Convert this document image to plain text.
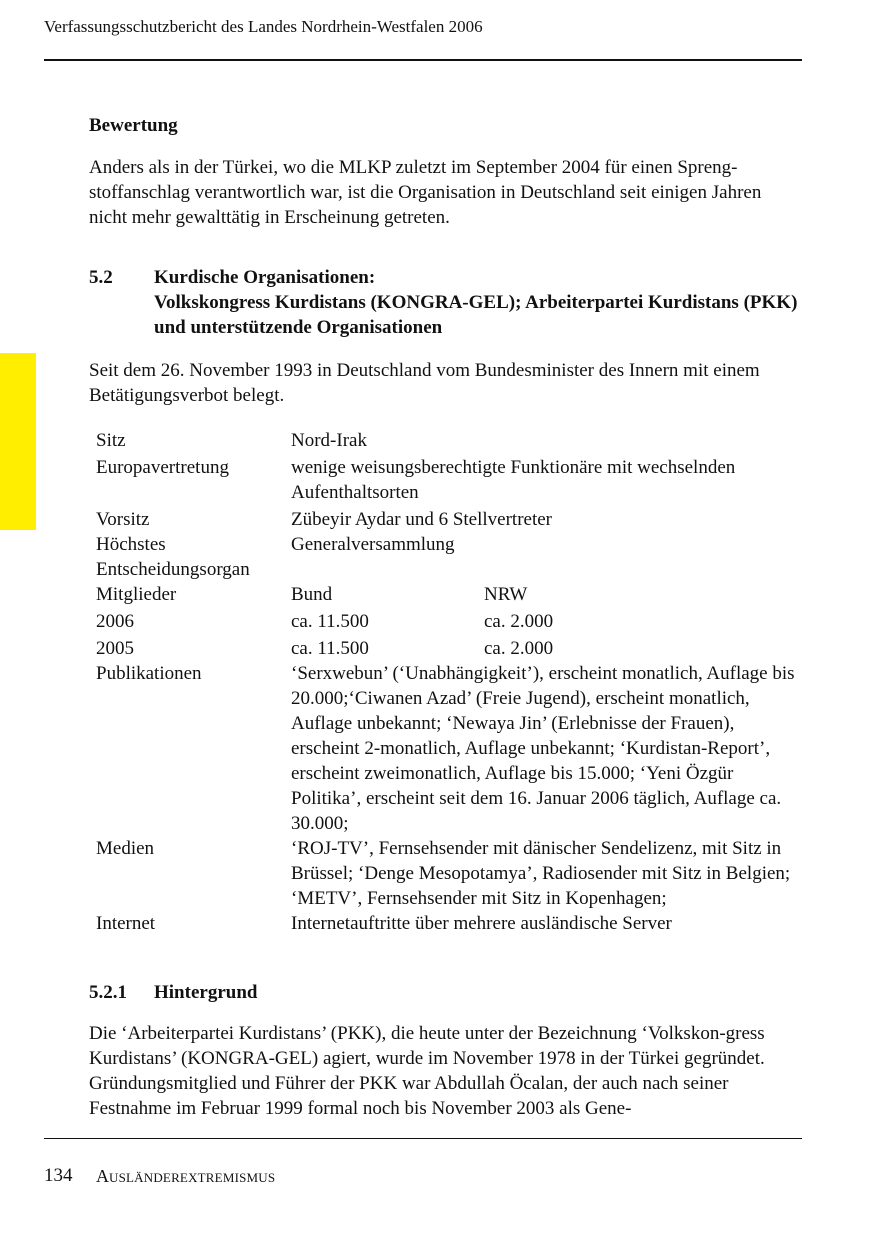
Verfassungsschutzbericht des Landes Nordrhein-Westfalen 2006
Bewertung
Anders als in der Türkei, wo die MLKP zuletzt im September 2004 für einen Spreng-stoffanschlag verantwortlich war, ist die Organisation in Deutschland seit einigen Jahren nicht mehr gewalttätig in Erscheinung getreten.
5.2 Kurdische Organisationen:
Volkskongress Kurdistans (KONGRA-GEL); Arbeiterpartei Kurdistans (PKK) und unterstützende Organisationen
Seit dem 26. November 1993 in Deutschland vom Bundesminister des Innern mit einem Betätigungsverbot belegt.
Sitz	Nord-Irak	
Europavertretung	wenige weisungsberechtigte Funktionäre mit wechselnden Aufenthaltsorten	
Vorsitz	Zübeyir Aydar und 6 Stellvertreter	
Höchstes Entscheidungsorgan	Generalversammlung	
Mitglieder	Bund	NRW
2006	ca. 11.500	ca. 2.000
2005	ca. 11.500	ca. 2.000
Publikationen	‘Serxwebun’ (‘Unabhängigkeit’), erscheint monatlich, Auflage bis 20.000;‘Ciwanen Azad’ (Freie Jugend), erscheint monatlich, Auflage unbekannt; ‘Newaya Jin’ (Erlebnisse der Frauen), erscheint 2-monatlich, Auflage unbekannt; ‘Kurdistan-Report’, erscheint zweimonatlich, Auflage bis 15.000; ‘Yeni Özgür Politika’, erscheint seit dem 16. Januar 2006 täglich, Auflage ca. 30.000;	
Medien	‘ROJ-TV’, Fernsehsender mit dänischer Sendelizenz, mit Sitz in Brüssel; ‘Denge Mesopotamya’, Radiosender mit Sitz in Belgien; ‘METV’, Fernsehsender mit Sitz in Kopenhagen;	
Internet	Internetauftritte über mehrere ausländische Server	
5.2.1 Hintergrund
Die ‘Arbeiterpartei Kurdistans’ (PKK), die heute unter der Bezeichnung ‘Volkskon-gress Kurdistans’ (KONGRA-GEL) agiert, wurde im November 1978 in der Türkei gegründet. Gründungsmitglied und Führer der PKK war Abdullah Öcalan, der auch nach seiner Festnahme im Februar 1999 formal noch bis November 2003 als Gene-
134 AUSLÄNDEREXTREMISMUS
